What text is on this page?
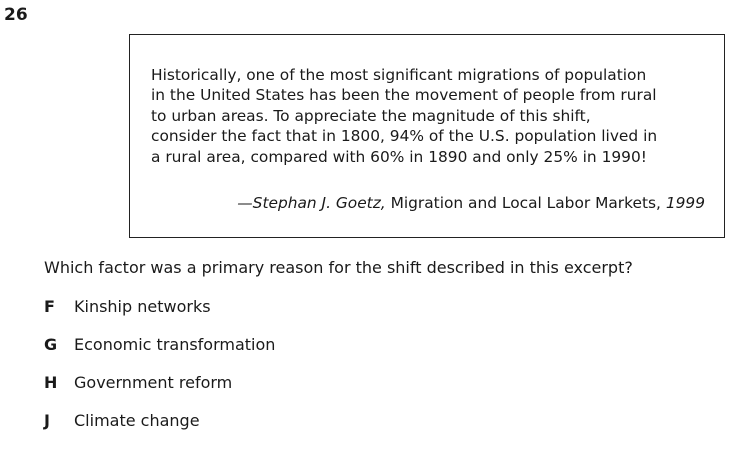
26

Historically, one of the most significant migrations of population
in the United States has been the movement of people from rural
to urban areas. To appreciate the magnitude of this shift,
consider the fact that in 1800, 94% of the U.S. population lived in
a rural area, compared with 60% in 1890 and only 25% in 1990!

—Stephan J. Goetz, Migration and Local Labor Markets, 1999

Which factor was a primary reason for the shift described in this excerpt?

F Kinship networks
G Economic transformation
H Government reform
J Climate change
